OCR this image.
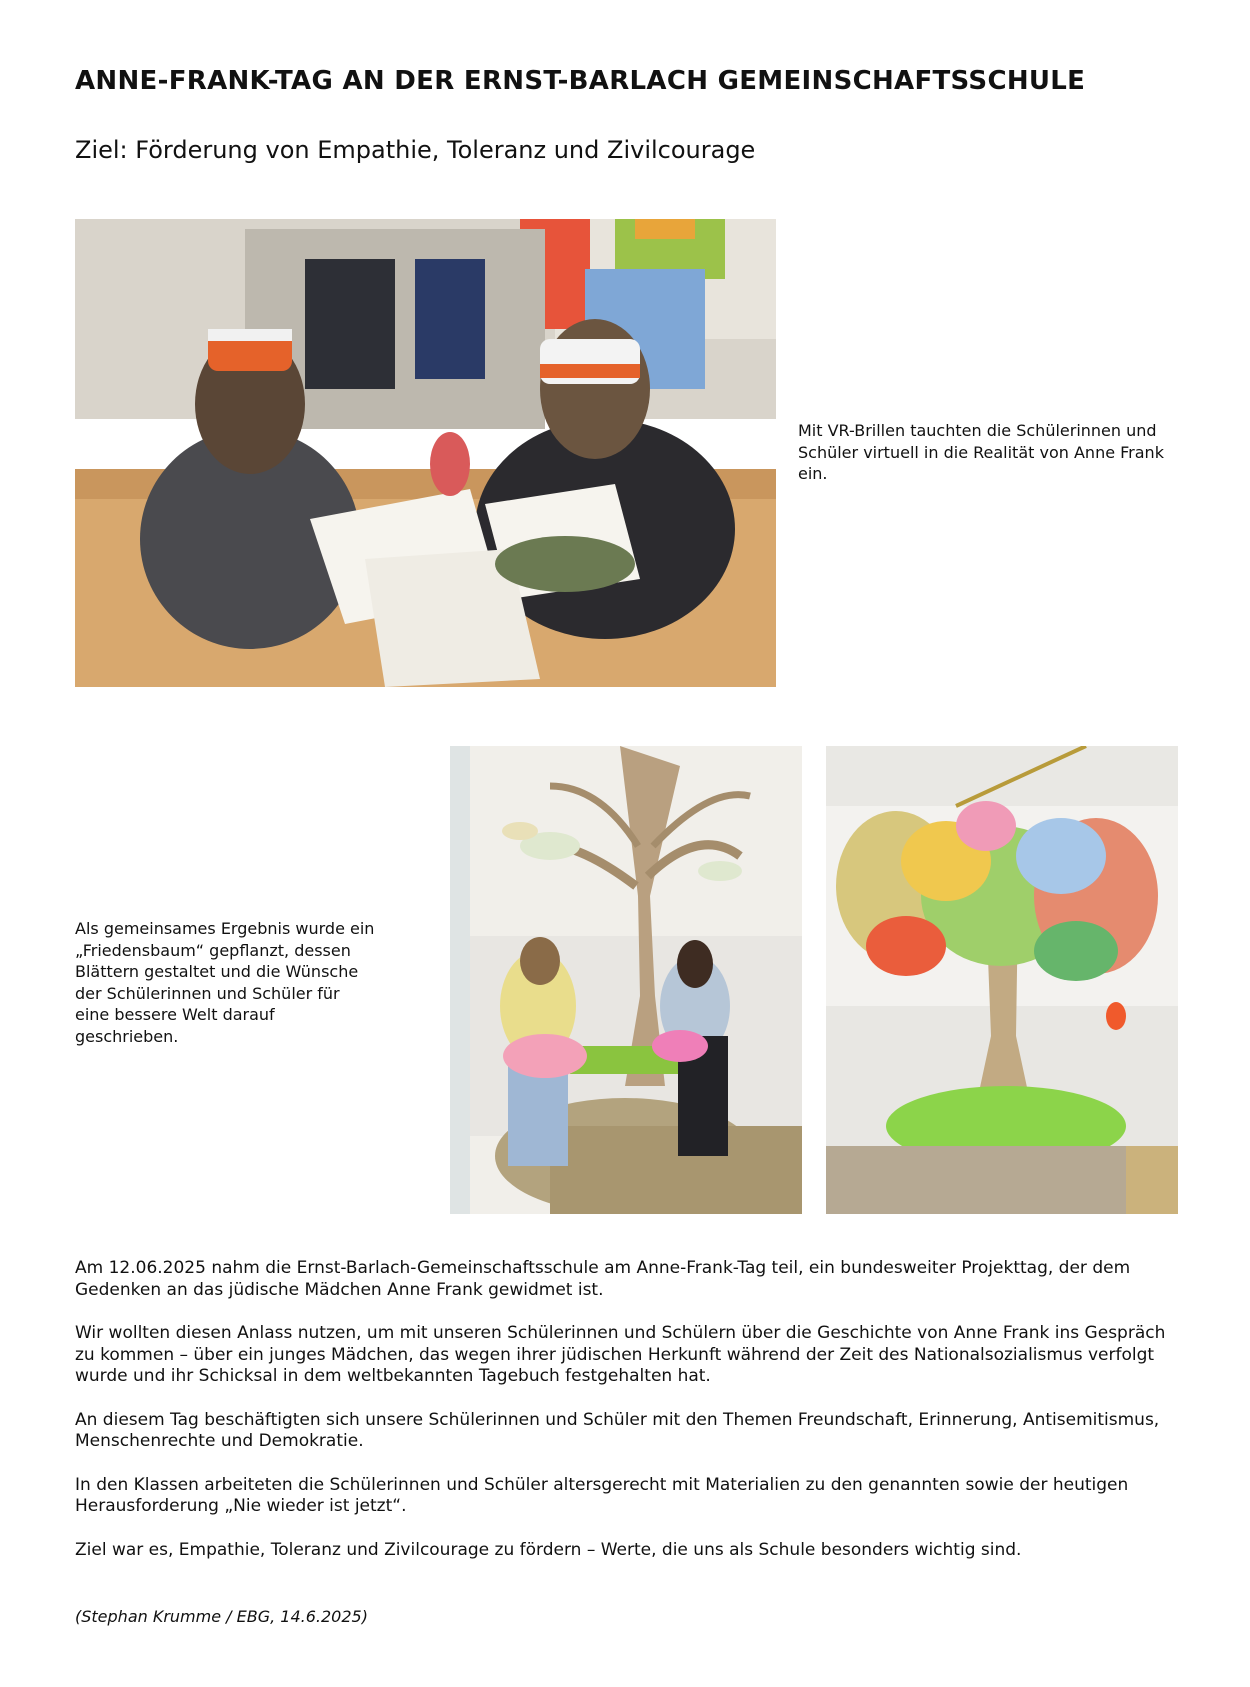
ANNE-FRANK-TAG AN DER ERNST-BARLACH GEMEINSCHAFTSSCHULE
Ziel: Förderung von Empathie, Toleranz und Zivilcourage

Mit VR-Brillen tauchten die Schülerinnen und Schüler virtuell in die Realität von Anne Frank ein.

Als gemeinsames Ergebnis wurde ein „Friedensbaum“ gepflanzt, dessen Blättern gestaltet und die Wünsche der Schülerinnen und Schüler für eine bessere Welt darauf geschrieben.

Am 12.06.2025 nahm die Ernst-Barlach-Gemeinschaftsschule am Anne-Frank-Tag teil, ein bundesweiter Projekttag, der dem Gedenken an das jüdische Mädchen Anne Frank gewidmet ist.

Wir wollten diesen Anlass nutzen, um mit unseren Schülerinnen und Schülern über die Geschichte von Anne Frank ins Gespräch zu kommen – über ein junges Mädchen, das wegen ihrer jüdischen Herkunft während der Zeit des Nationalsozialismus verfolgt wurde und ihr Schicksal in dem weltbekannten Tagebuch festgehalten hat.

An diesem Tag beschäftigten sich unsere Schülerinnen und Schüler mit den Themen Freundschaft, Erinnerung, Antisemitismus, Menschenrechte und Demokratie.

In den Klassen arbeiteten die Schülerinnen und Schüler altersgerecht mit Materialien zu den genannten sowie der heutigen Herausforderung „Nie wieder ist jetzt“.

Ziel war es, Empathie, Toleranz und Zivilcourage zu fördern – Werte, die uns als Schule besonders wichtig sind.

(Stephan Krumme / EBG, 14.6.2025)
